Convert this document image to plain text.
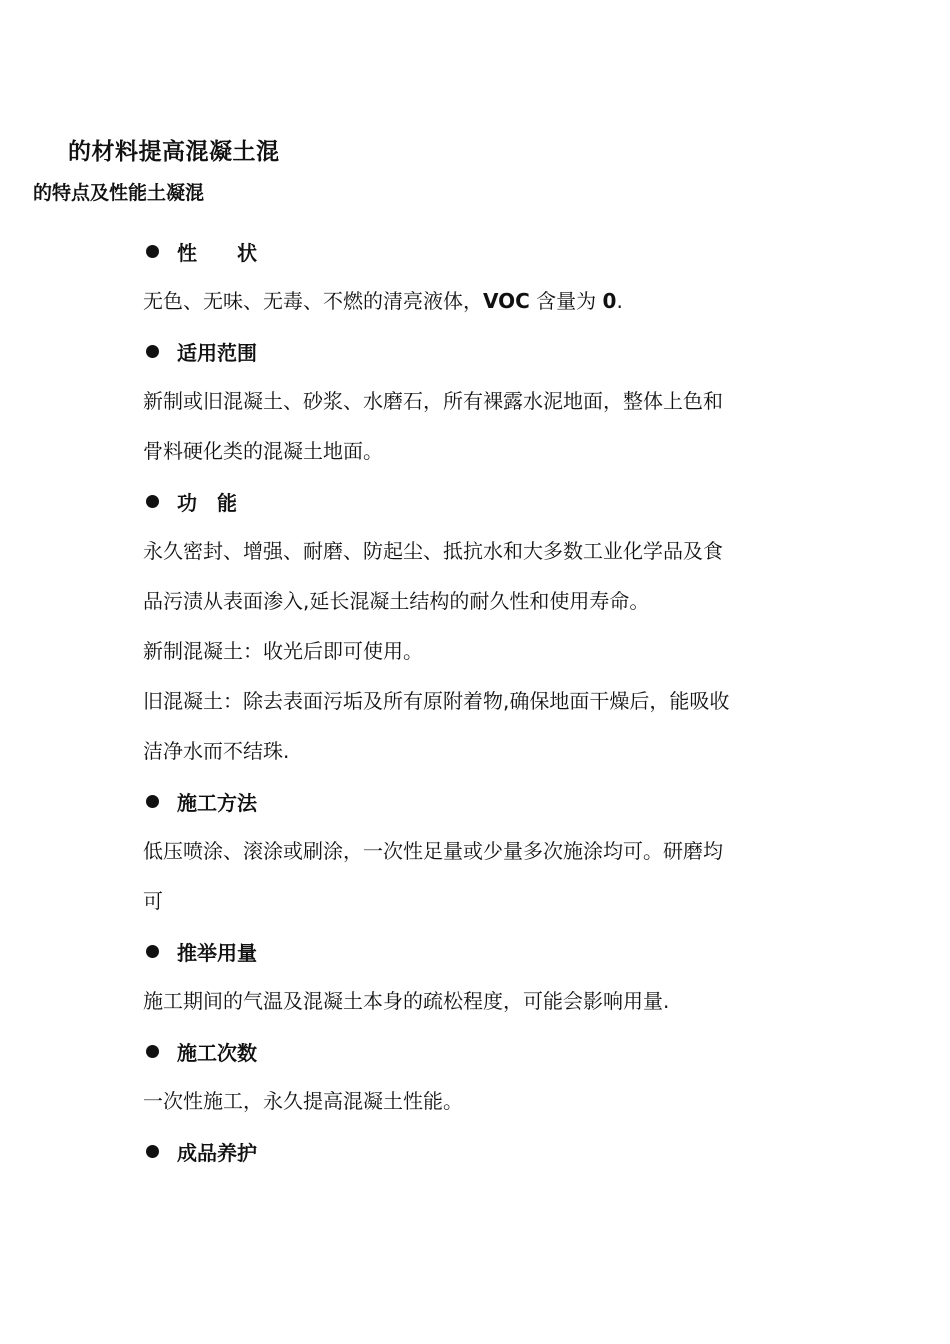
的材料提高混凝土混
的特点及性能土凝混
性　　状
无色、无味、无毒、不燃的清亮液体，VOC 含量为 0.
适用范围
新制或旧混凝土、砂浆、水磨石，所有裸露水泥地面，整体上色和
骨料硬化类的混凝土地面。
功　能
永久密封、增强、耐磨、防起尘、抵抗水和大多数工业化学品及食
品污渍从表面渗入,延长混凝土结构的耐久性和使用寿命。
新制混凝土：收光后即可使用。
旧混凝土：除去表面污垢及所有原附着物,确保地面干燥后，能吸收
洁净水而不结珠.
施工方法
低压喷涂、滚涂或刷涂，一次性足量或少量多次施涂均可。研磨均
可
推举用量
施工期间的气温及混凝土本身的疏松程度，可能会影响用量.
施工次数
一次性施工，永久提高混凝土性能。
成品养护
